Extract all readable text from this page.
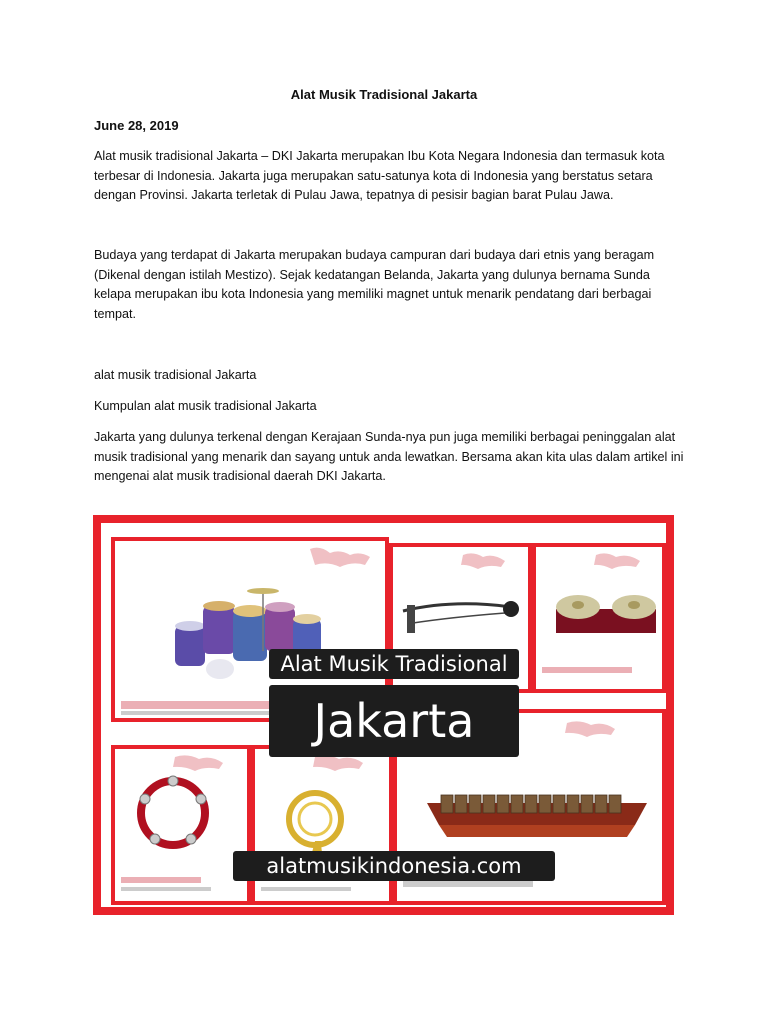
Alat Musik Tradisional Jakarta
June 28, 2019

Alat musik tradisional Jakarta – DKI Jakarta merupakan Ibu Kota Negara Indonesia dan termasuk kota terbesar di Indonesia. Jakarta juga merupakan satu-satunya kota di Indonesia yang berstatus setara dengan Provinsi. Jakarta terletak di Pulau Jawa, tepatnya di pesisir bagian barat Pulau Jawa.

Budaya yang terdapat di Jakarta merupakan budaya campuran dari budaya dari etnis yang beragam (Dikenal dengan istilah Mestizo). Sejak kedatangan Belanda, Jakarta yang dulunya bernama Sunda kelapa merupakan ibu kota Indonesia yang memiliki magnet untuk menarik pendatang dari berbagai tempat.

alat musik tradisional Jakarta

Kumpulan alat musik tradisional Jakarta

Jakarta yang dulunya terkenal dengan Kerajaan Sunda-nya pun juga memiliki berbagai peninggalan alat musik tradisional yang menarik dan sayang untuk anda lewatkan. Bersama akan kita ulas dalam artikel ini mengenai alat musik tradisional daerah DKI Jakarta.

Alat Musik Tradisional
Jakarta
alatmusikindonesia.com
